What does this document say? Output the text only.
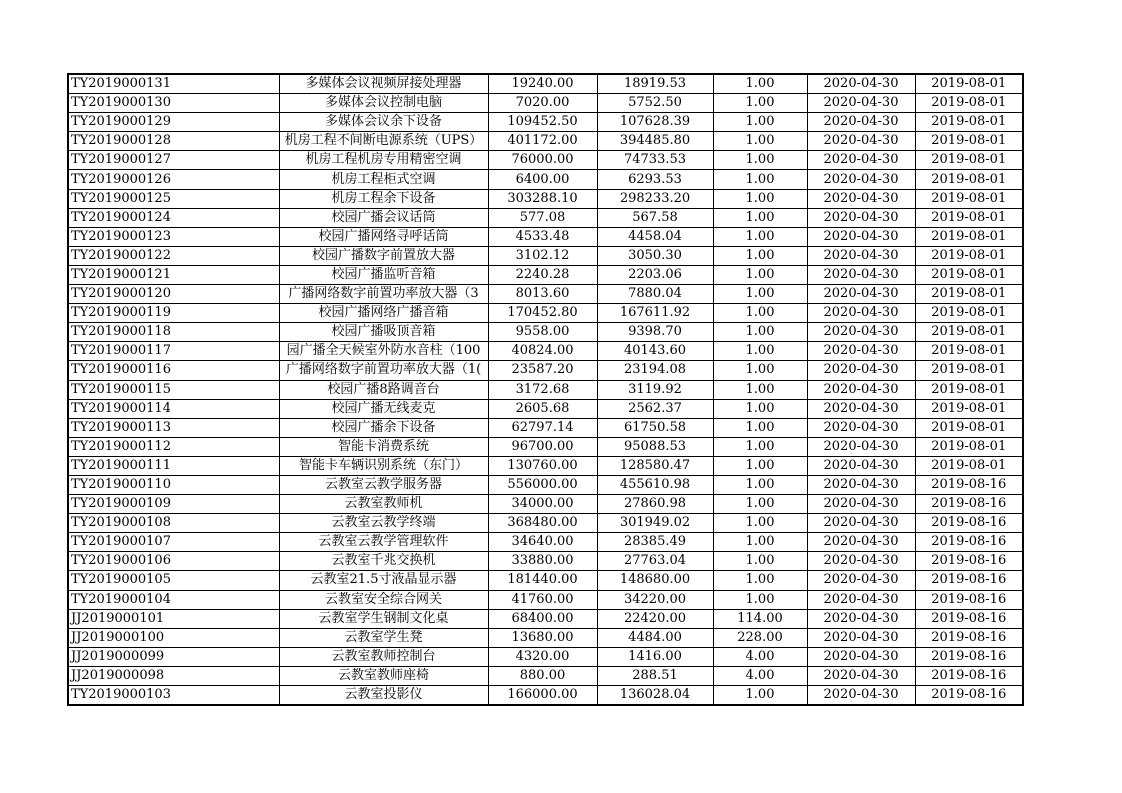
TY2019000131	多媒体会议视频屏接处理器	19240.00	18919.53	1.00	2020-04-30	2019-08-01
TY2019000130	多媒体会议控制电脑	7020.00	5752.50	1.00	2020-04-30	2019-08-01
TY2019000129	多媒体会议余下设备	109452.50	107628.39	1.00	2020-04-30	2019-08-01
TY2019000128	机房工程不间断电源系统（UPS）	401172.00	394485.80	1.00	2020-04-30	2019-08-01
TY2019000127	机房工程机房专用精密空调	76000.00	74733.53	1.00	2020-04-30	2019-08-01
TY2019000126	机房工程柜式空调	6400.00	6293.53	1.00	2020-04-30	2019-08-01
TY2019000125	机房工程余下设备	303288.10	298233.20	1.00	2020-04-30	2019-08-01
TY2019000124	校园广播会议话筒	577.08	567.58	1.00	2020-04-30	2019-08-01
TY2019000123	校园广播网络寻呼话筒	4533.48	4458.04	1.00	2020-04-30	2019-08-01
TY2019000122	校园广播数字前置放大器	3102.12	3050.30	1.00	2020-04-30	2019-08-01
TY2019000121	校园广播监听音箱	2240.28	2203.06	1.00	2020-04-30	2019-08-01
TY2019000120	广播网络数字前置功率放大器（3	8013.60	7880.04	1.00	2020-04-30	2019-08-01
TY2019000119	校园广播网络广播音箱	170452.80	167611.92	1.00	2020-04-30	2019-08-01
TY2019000118	校园广播吸顶音箱	9558.00	9398.70	1.00	2020-04-30	2019-08-01
TY2019000117	园广播全天候室外防水音柱（100	40824.00	40143.60	1.00	2020-04-30	2019-08-01
TY2019000116	广播网络数字前置功率放大器（1(	23587.20	23194.08	1.00	2020-04-30	2019-08-01
TY2019000115	校园广播8路调音台	3172.68	3119.92	1.00	2020-04-30	2019-08-01
TY2019000114	校园广播无线麦克	2605.68	2562.37	1.00	2020-04-30	2019-08-01
TY2019000113	校园广播余下设备	62797.14	61750.58	1.00	2020-04-30	2019-08-01
TY2019000112	智能卡消费系统	96700.00	95088.53	1.00	2020-04-30	2019-08-01
TY2019000111	智能卡车辆识别系统（东门）	130760.00	128580.47	1.00	2020-04-30	2019-08-01
TY2019000110	云教室云教学服务器	556000.00	455610.98	1.00	2020-04-30	2019-08-16
TY2019000109	云教室教师机	34000.00	27860.98	1.00	2020-04-30	2019-08-16
TY2019000108	云教室云教学终端	368480.00	301949.02	1.00	2020-04-30	2019-08-16
TY2019000107	云教室云教学管理软件	34640.00	28385.49	1.00	2020-04-30	2019-08-16
TY2019000106	云教室千兆交换机	33880.00	27763.04	1.00	2020-04-30	2019-08-16
TY2019000105	云教室21.5寸液晶显示器	181440.00	148680.00	1.00	2020-04-30	2019-08-16
TY2019000104	云教室安全综合网关	41760.00	34220.00	1.00	2020-04-30	2019-08-16
JJ2019000101	云教室学生钢制文化桌	68400.00	22420.00	114.00	2020-04-30	2019-08-16
JJ2019000100	云教室学生凳	13680.00	4484.00	228.00	2020-04-30	2019-08-16
JJ2019000099	云教室教师控制台	4320.00	1416.00	4.00	2020-04-30	2019-08-16
JJ2019000098	云教室教师座椅	880.00	288.51	4.00	2020-04-30	2019-08-16
TY2019000103	云教室投影仪	166000.00	136028.04	1.00	2020-04-30	2019-08-16
